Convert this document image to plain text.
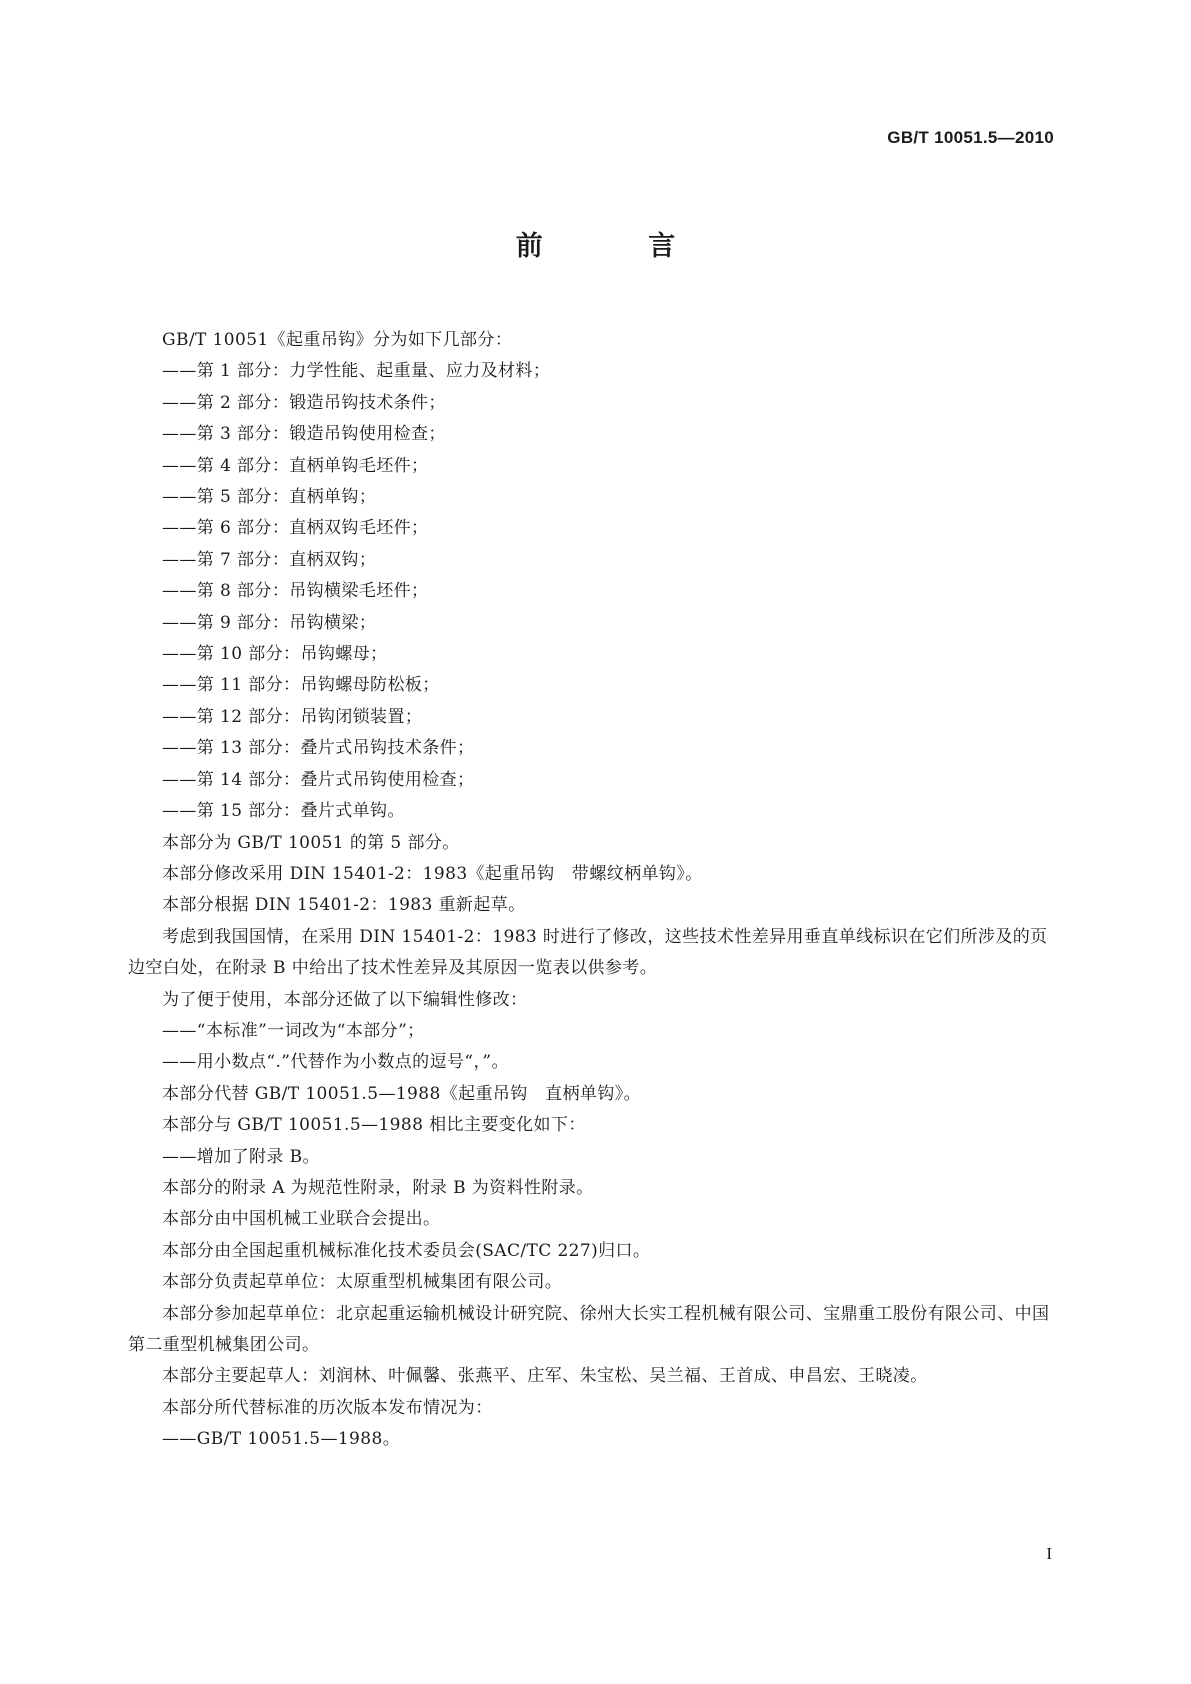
GB/T 10051.5—2010
前 言

GB/T 10051《起重吊钩》分为如下几部分：

——第 1 部分：力学性能、起重量、应力及材料；

——第 2 部分：锻造吊钩技术条件；

——第 3 部分：锻造吊钩使用检查；

——第 4 部分：直柄单钩毛坯件；

——第 5 部分：直柄单钩；

——第 6 部分：直柄双钩毛坯件；

——第 7 部分：直柄双钩；

——第 8 部分：吊钩横梁毛坯件；

——第 9 部分：吊钩横梁；

——第 10 部分：吊钩螺母；

——第 11 部分：吊钩螺母防松板；

——第 12 部分：吊钩闭锁装置；

——第 13 部分：叠片式吊钩技术条件；

——第 14 部分：叠片式吊钩使用检查；

——第 15 部分：叠片式单钩。

本部分为 GB/T 10051 的第 5 部分。

本部分修改采用 DIN 15401-2：1983《起重吊钩　带螺纹柄单钩》。

本部分根据 DIN 15401-2：1983 重新起草。

考虑到我国国情，在采用 DIN 15401-2：1983 时进行了修改，这些技术性差异用垂直单线标识在它们所涉及的页边空白处，在附录 B 中给出了技术性差异及其原因一览表以供参考。

为了便于使用，本部分还做了以下编辑性修改：

——“本标准”一词改为“本部分”；

——用小数点“.”代替作为小数点的逗号“，”。

本部分代替 GB/T 10051.5—1988《起重吊钩　直柄单钩》。

本部分与 GB/T 10051.5—1988 相比主要变化如下：

——增加了附录 B。

本部分的附录 A 为规范性附录，附录 B 为资料性附录。

本部分由中国机械工业联合会提出。

本部分由全国起重机械标准化技术委员会(SAC/TC 227)归口。

本部分负责起草单位：太原重型机械集团有限公司。

本部分参加起草单位：北京起重运输机械设计研究院、徐州大长实工程机械有限公司、宝鼎重工股份有限公司、中国第二重型机械集团公司。

本部分主要起草人：刘润林、叶佩馨、张燕平、庄军、朱宝松、吴兰福、王首成、申昌宏、王晓凌。

本部分所代替标准的历次版本发布情况为：

——GB/T 10051.5—1988。

I
